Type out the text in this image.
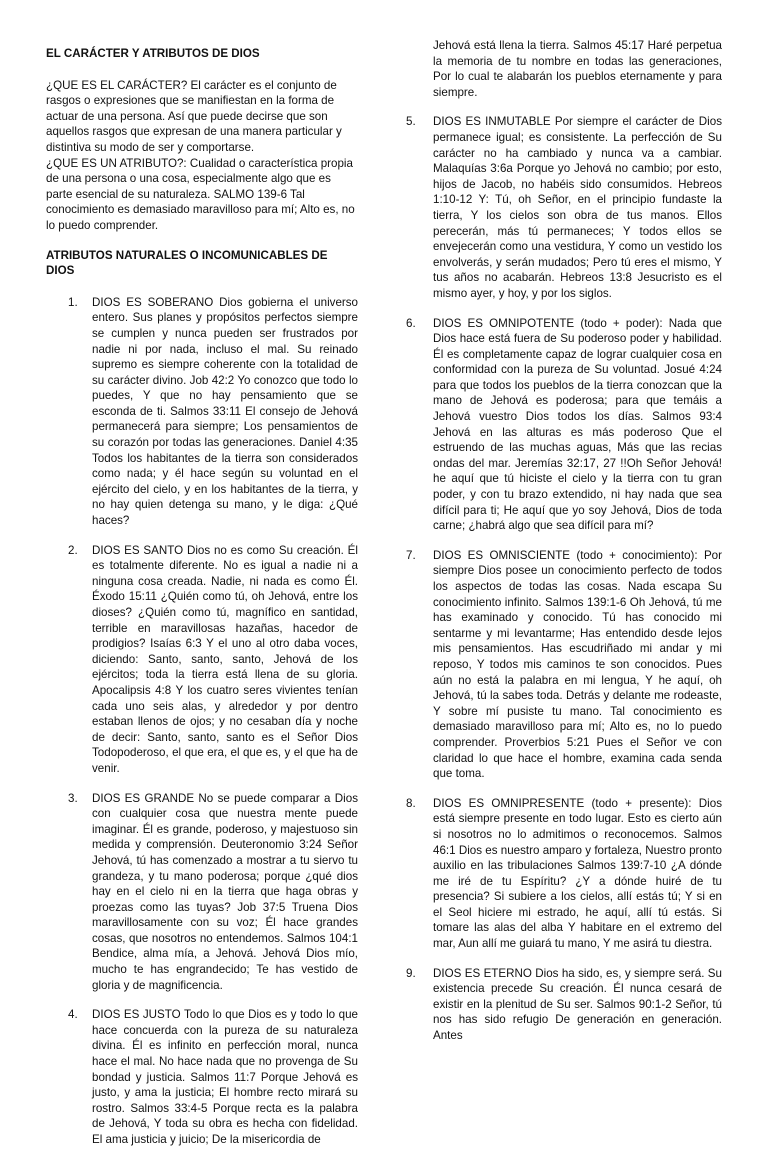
EL CARÁCTER Y ATRIBUTOS DE DIOS

¿QUE ES EL CARÁCTER? El carácter es el conjunto de rasgos o expresiones que se manifiestan en la forma de actuar de una persona. Así que puede decirse que son aquellos rasgos que expresan de una manera particular y distintiva su modo de ser y comportarse.

¿QUE ES UN ATRIBUTO?: Cualidad o característica propia de una persona o una cosa, especialmente algo que es parte esencial de su naturaleza. SALMO 139-6 Tal conocimiento es demasiado maravilloso para mí; Alto es, no lo puedo comprender.

ATRIBUTOS NATURALES O INCOMUNICABLES DE DIOS
1. DIOS ES SOBERANO Dios gobierna el universo entero. Sus planes y propósitos perfectos siempre se cumplen y nunca pueden ser frustrados por nadie ni por nada, incluso el mal. Su reinado supremo es siempre coherente con la totalidad de su carácter divino. Job 42:2 Yo conozco que todo lo puedes, Y que no hay pensamiento que se esconda de ti. Salmos 33:11 El consejo de Jehová permanecerá para siempre; Los pensamientos de su corazón por todas las generaciones. Daniel 4:35 Todos los habitantes de la tierra son considerados como nada; y él hace según su voluntad en el ejército del cielo, y en los habitantes de la tierra, y no hay quien detenga su mano, y le diga: ¿Qué haces?
2. DIOS ES SANTO Dios no es como Su creación. Él es totalmente diferente. No es igual a nadie ni a ninguna cosa creada. Nadie, ni nada es como Él. Éxodo 15:11 ¿Quién como tú, oh Jehová, entre los dioses? ¿Quién como tú, magnífico en santidad, terrible en maravillosas hazañas, hacedor de prodigios? Isaías 6:3 Y el uno al otro daba voces, diciendo: Santo, santo, santo, Jehová de los ejércitos; toda la tierra está llena de su gloria. Apocalipsis 4:8 Y los cuatro seres vivientes tenían cada uno seis alas, y alrededor y por dentro estaban llenos de ojos; y no cesaban día y noche de decir: Santo, santo, santo es el Señor Dios Todopoderoso, el que era, el que es, y el que ha de venir.
3. DIOS ES GRANDE No se puede comparar a Dios con cualquier cosa que nuestra mente puede imaginar. Él es grande, poderoso, y majestuoso sin medida y comprensión. Deuteronomio 3:24 Señor Jehová, tú has comenzado a mostrar a tu siervo tu grandeza, y tu mano poderosa; porque ¿qué dios hay en el cielo ni en la tierra que haga obras y proezas como las tuyas? Job 37:5 Truena Dios maravillosamente con su voz; Él hace grandes cosas, que nosotros no entendemos. Salmos 104:1 Bendice, alma mía, a Jehová. Jehová Dios mío, mucho te has engrandecido; Te has vestido de gloria y de magnificencia.
4. DIOS ES JUSTO Todo lo que Dios es y todo lo que hace concuerda con la pureza de su naturaleza divina. Él es infinito en perfección moral, nunca hace el mal. No hace nada que no provenga de Su bondad y justicia. Salmos 11:7 Porque Jehová es justo, y ama la justicia; El hombre recto mirará su rostro. Salmos 33:4-5 Porque recta es la palabra de Jehová, Y toda su obra es hecha con fidelidad. El ama justicia y juicio; De la misericordia de
Jehová está llena la tierra. Salmos 45:17 Haré perpetua la memoria de tu nombre en todas las generaciones, Por lo cual te alabarán los pueblos eternamente y para siempre.
5. DIOS ES INMUTABLE Por siempre el carácter de Dios permanece igual; es consistente. La perfección de Su carácter no ha cambiado y nunca va a cambiar. Malaquías 3:6a Porque yo Jehová no cambio; por esto, hijos de Jacob, no habéis sido consumidos. Hebreos 1:10-12 Y: Tú, oh Señor, en el principio fundaste la tierra, Y los cielos son obra de tus manos. Ellos perecerán, más tú permaneces; Y todos ellos se envejecerán como una vestidura, Y como un vestido los envolverás, y serán mudados; Pero tú eres el mismo, Y tus años no acabarán. Hebreos 13:8 Jesucristo es el mismo ayer, y hoy, y por los siglos.
6. DIOS ES OMNIPOTENTE (todo + poder): Nada que Dios hace está fuera de Su poderoso poder y habilidad. Él es completamente capaz de lograr cualquier cosa en conformidad con la pureza de Su voluntad. Josué 4:24 para que todos los pueblos de la tierra conozcan que la mano de Jehová es poderosa; para que temáis a Jehová vuestro Dios todos los días. Salmos 93:4 Jehová en las alturas es más poderoso Que el estruendo de las muchas aguas, Más que las recias ondas del mar. Jeremías 32:17, 27 !!Oh Señor Jehová! he aquí que tú hiciste el cielo y la tierra con tu gran poder, y con tu brazo extendido, ni hay nada que sea difícil para ti; He aquí que yo soy Jehová, Dios de toda carne; ¿habrá algo que sea difícil para mí?
7. DIOS ES OMNISCIENTE (todo + conocimiento): Por siempre Dios posee un conocimiento perfecto de todos los aspectos de todas las cosas. Nada escapa Su conocimiento infinito. Salmos 139:1-6 Oh Jehová, tú me has examinado y conocido. Tú has conocido mi sentarme y mi levantarme; Has entendido desde lejos mis pensamientos. Has escudriñado mi andar y mi reposo, Y todos mis caminos te son conocidos. Pues aún no está la palabra en mi lengua, Y he aquí, oh Jehová, tú la sabes toda. Detrás y delante me rodeaste, Y sobre mí pusiste tu mano. Tal conocimiento es demasiado maravilloso para mí; Alto es, no lo puedo comprender. Proverbios 5:21 Pues el Señor ve con claridad lo que hace el hombre, examina cada senda que toma.
8. DIOS ES OMNIPRESENTE (todo + presente): Dios está siempre presente en todo lugar. Esto es cierto aún si nosotros no lo admitimos o reconocemos. Salmos 46:1 Dios es nuestro amparo y fortaleza, Nuestro pronto auxilio en las tribulaciones Salmos 139:7-10 ¿A dónde me iré de tu Espíritu? ¿Y a dónde huiré de tu presencia? Si subiere a los cielos, allí estás tú; Y si en el Seol hiciere mi estrado, he aquí, allí tú estás. Si tomare las alas del alba Y habitare en el extremo del mar, Aun allí me guiará tu mano, Y me asirá tu diestra.
9. DIOS ES ETERNO Dios ha sido, es, y siempre será. Su existencia precede Su creación. Él nunca cesará de existir en la plenitud de Su ser. Salmos 90:1-2 Señor, tú nos has sido refugio De generación en generación. Antes
